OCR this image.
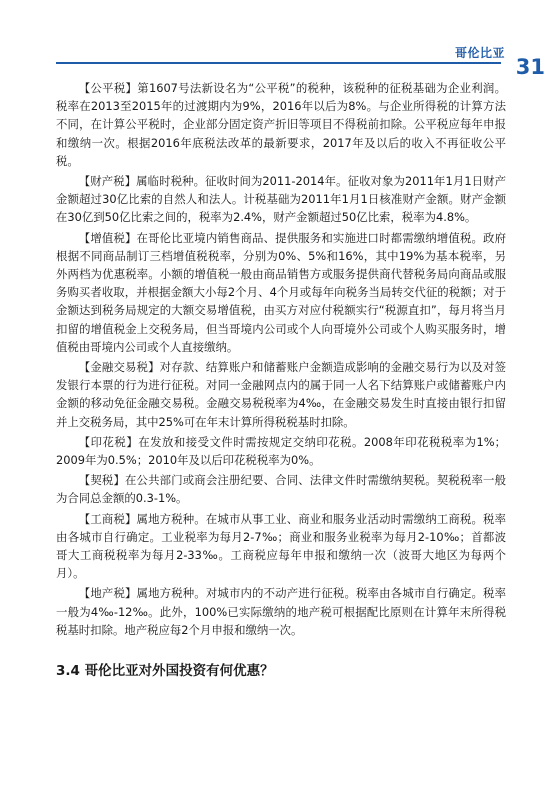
哥伦比亚
31

【公平税】第1607号法新设名为“公平税”的税种，该税种的征税基础为企业利润。税率在2013至2015年的过渡期内为9%，2016年以后为8%。与企业所得税的计算方法不同，在计算公平税时，企业部分固定资产折旧等项目不得税前扣除。公平税应每年申报和缴纳一次。根据2016年底税法改革的最新要求，2017年及以后的收入不再征收公平税。

【财产税】属临时税种。征收时间为2011-2014年。征收对象为2011年1月1日财产金额超过30亿比索的自然人和法人。计税基础为2011年1月1日核准财产金额。财产金额在30亿到50亿比索之间的，税率为2.4%，财产金额超过50亿比索，税率为4.8%。

【增值税】在哥伦比亚境内销售商品、提供服务和实施进口时都需缴纳增值税。政府根据不同商品制订三档增值税税率，分别为0%、5%和16%，其中19%为基本税率，另外两档为优惠税率。小额的增值税一般由商品销售方或服务提供商代替税务局向商品或服务购买者收取，并根据金额大小每2个月、4个月或每年向税务当局转交代征的税额；对于金额达到税务局规定的大额交易增值税，由买方对应付税额实行“税源直扣”，每月将当月扣留的增值税金上交税务局，但当哥境内公司或个人向哥境外公司或个人购买服务时，增值税由哥境内公司或个人直接缴纳。

【金融交易税】对存款、结算账户和储蓄账户金额造成影响的金融交易行为以及对签发银行本票的行为进行征税。对同一金融网点内的属于同一人名下结算账户或储蓄账户内金额的移动免征金融交易税。金融交易税税率为4‰，在金融交易发生时直接由银行扣留并上交税务局，其中25%可在年末计算所得税税基时扣除。

【印花税】在发放和接受文件时需按规定交纳印花税。2008年印花税税率为1%；2009年为0.5%；2010年及以后印花税税率为0%。

【契税】在公共部门或商会注册纪要、合同、法律文件时需缴纳契税。契税税率一般为合同总金额的0.3-1%。

【工商税】属地方税种。在城市从事工业、商业和服务业活动时需缴纳工商税。税率由各城市自行确定。工业税率为每月2-7‰；商业和服务业税率为每月2-10‰；首都波哥大工商税税率为每月2-33‰。工商税应每年申报和缴纳一次（波哥大地区为每两个月）。

【地产税】属地方税种。对城市内的不动产进行征税。税率由各城市自行确定。税率一般为4‰-12‰。此外，100%已实际缴纳的地产税可根据配比原则在计算年末所得税税基时扣除。地产税应每2个月申报和缴纳一次。

3.4 哥伦比亚对外国投资有何优惠？
